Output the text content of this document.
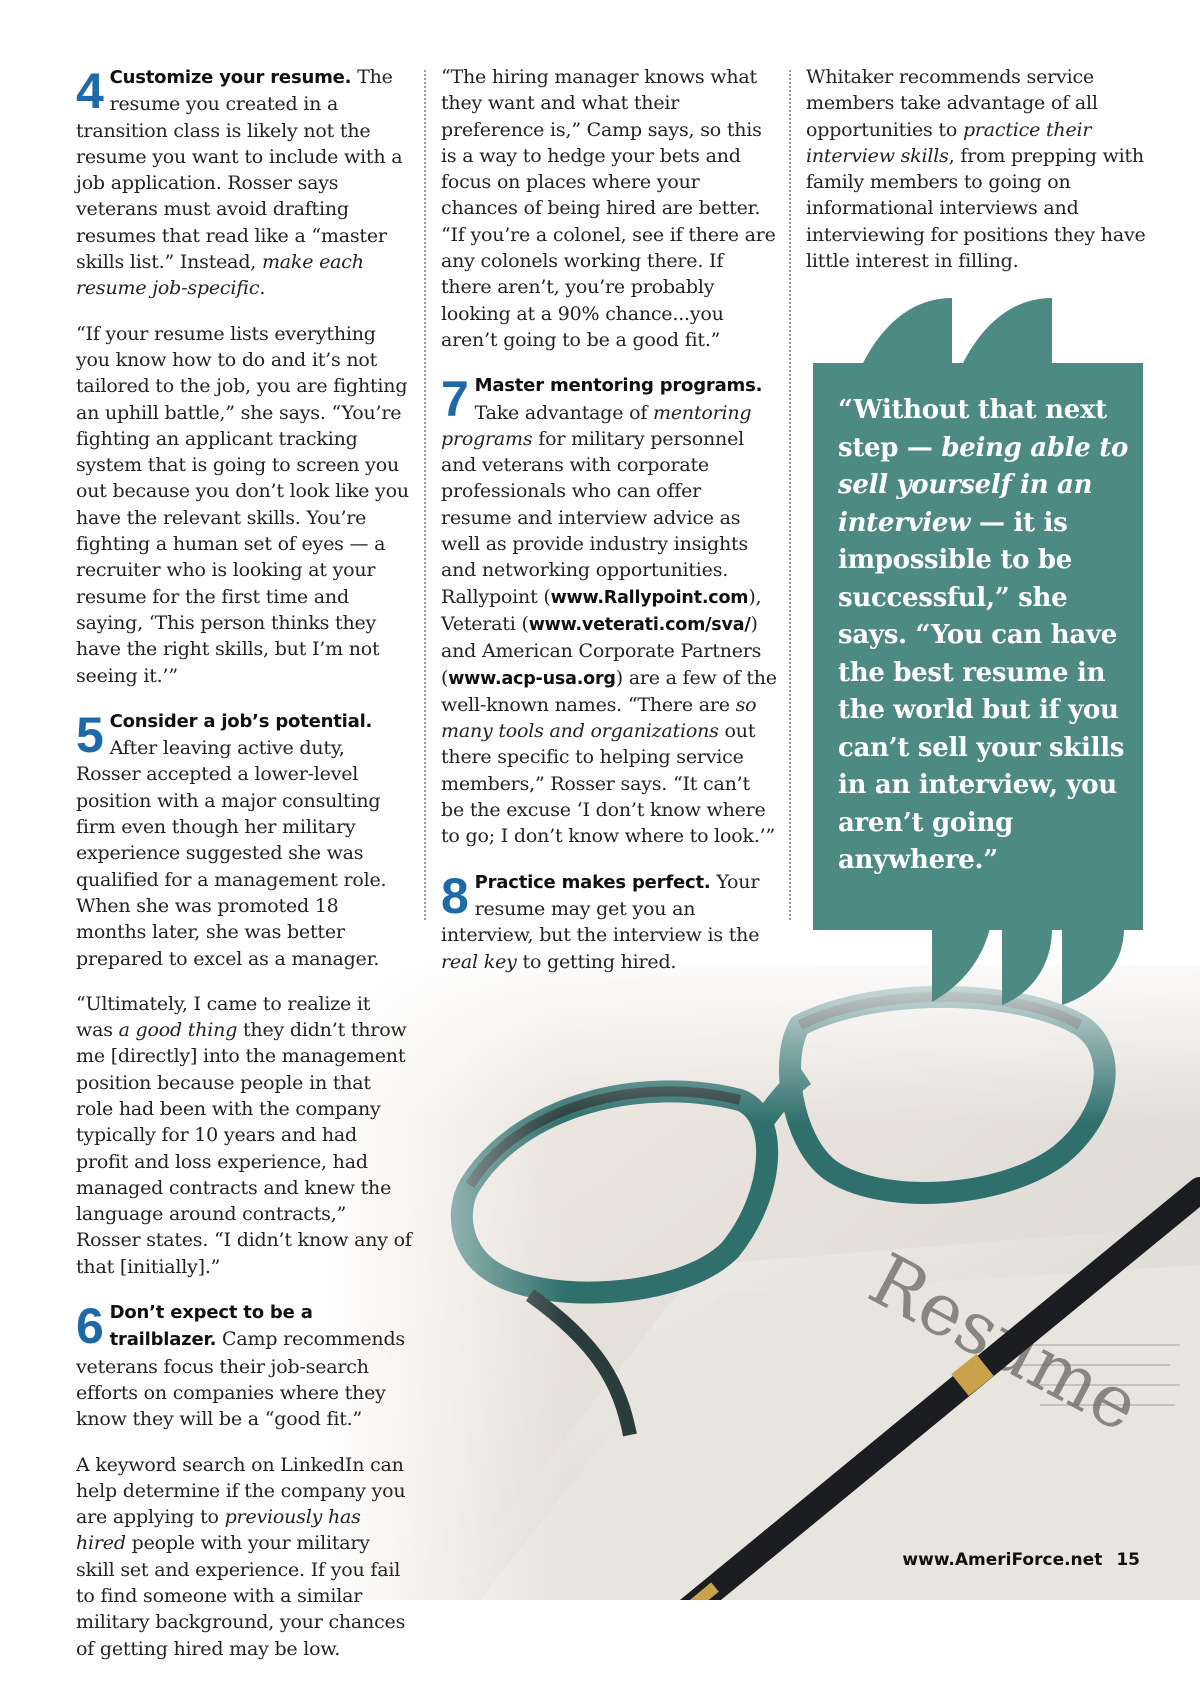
4 Customize your resume. The resume you created in a transition class is likely not the resume you want to include with a job application. Rosser says veterans must avoid drafting resumes that read like a “master skills list.” Instead, make each resume job-specific.

“If your resume lists everything you know how to do and it’s not tailored to the job, you are fighting an uphill battle,” she says. “You’re fighting an applicant tracking system that is going to screen you out because you don’t look like you have the relevant skills. You’re fighting a human set of eyes — a recruiter who is looking at your resume for the first time and saying, ‘This person thinks they have the right skills, but I’m not seeing it.’”

5 Consider a job’s potential. After leaving active duty, Rosser accepted a lower-level position with a major consulting firm even though her military experience suggested she was qualified for a management role. When she was promoted 18 months later, she was better prepared to excel as a manager.

“Ultimately, I came to realize it was a good thing they didn’t throw me [directly] into the management position because people in that role had been with the company typically for 10 years and had profit and loss experience, had managed contracts and knew the language around contracts,” Rosser states. “I didn’t know any of that [initially].”

6 Don’t expect to be a trailblazer. Camp recommends veterans focus their job-search efforts on companies where they know they will be a “good fit.”

A keyword search on LinkedIn can help determine if the company you are applying to previously has hired people with your military skill set and experience. If you fail to find someone with a similar military background, your chances of getting hired may be low.

“The hiring manager knows what they want and what their preference is,” Camp says, so this is a way to hedge your bets and focus on places where your chances of being hired are better. “If you’re a colonel, see if there are any colonels working there. If there aren’t, you’re probably looking at a 90% chance...you aren’t going to be a good fit.”

7 Master mentoring programs. Take advantage of mentoring programs for military personnel and veterans with corporate professionals who can offer resume and interview advice as well as provide industry insights and networking opportunities. Rallypoint (www.Rallypoint.com), Veterati (www.veterati.com/sva/) and American Corporate Partners (www.acp-usa.org) are a few of the well-known names. “There are so many tools and organizations out there specific to helping service members,” Rosser says. “It can’t be the excuse ‘I don’t know where to go; I don’t know where to look.’”

8 Practice makes perfect. Your resume may get you an interview, but the interview is the real key to getting hired.

Whitaker recommends service members take advantage of all opportunities to practice their interview skills, from prepping with family members to going on informational interviews and interviewing for positions they have little interest in filling.

“Without that next step — being able to sell yourself in an interview — it is impossible to be successful,” she says. “You can have the best resume in the world but if you can’t sell your skills in an interview, you aren’t going anywhere.”
www.AmeriForce.net 15
